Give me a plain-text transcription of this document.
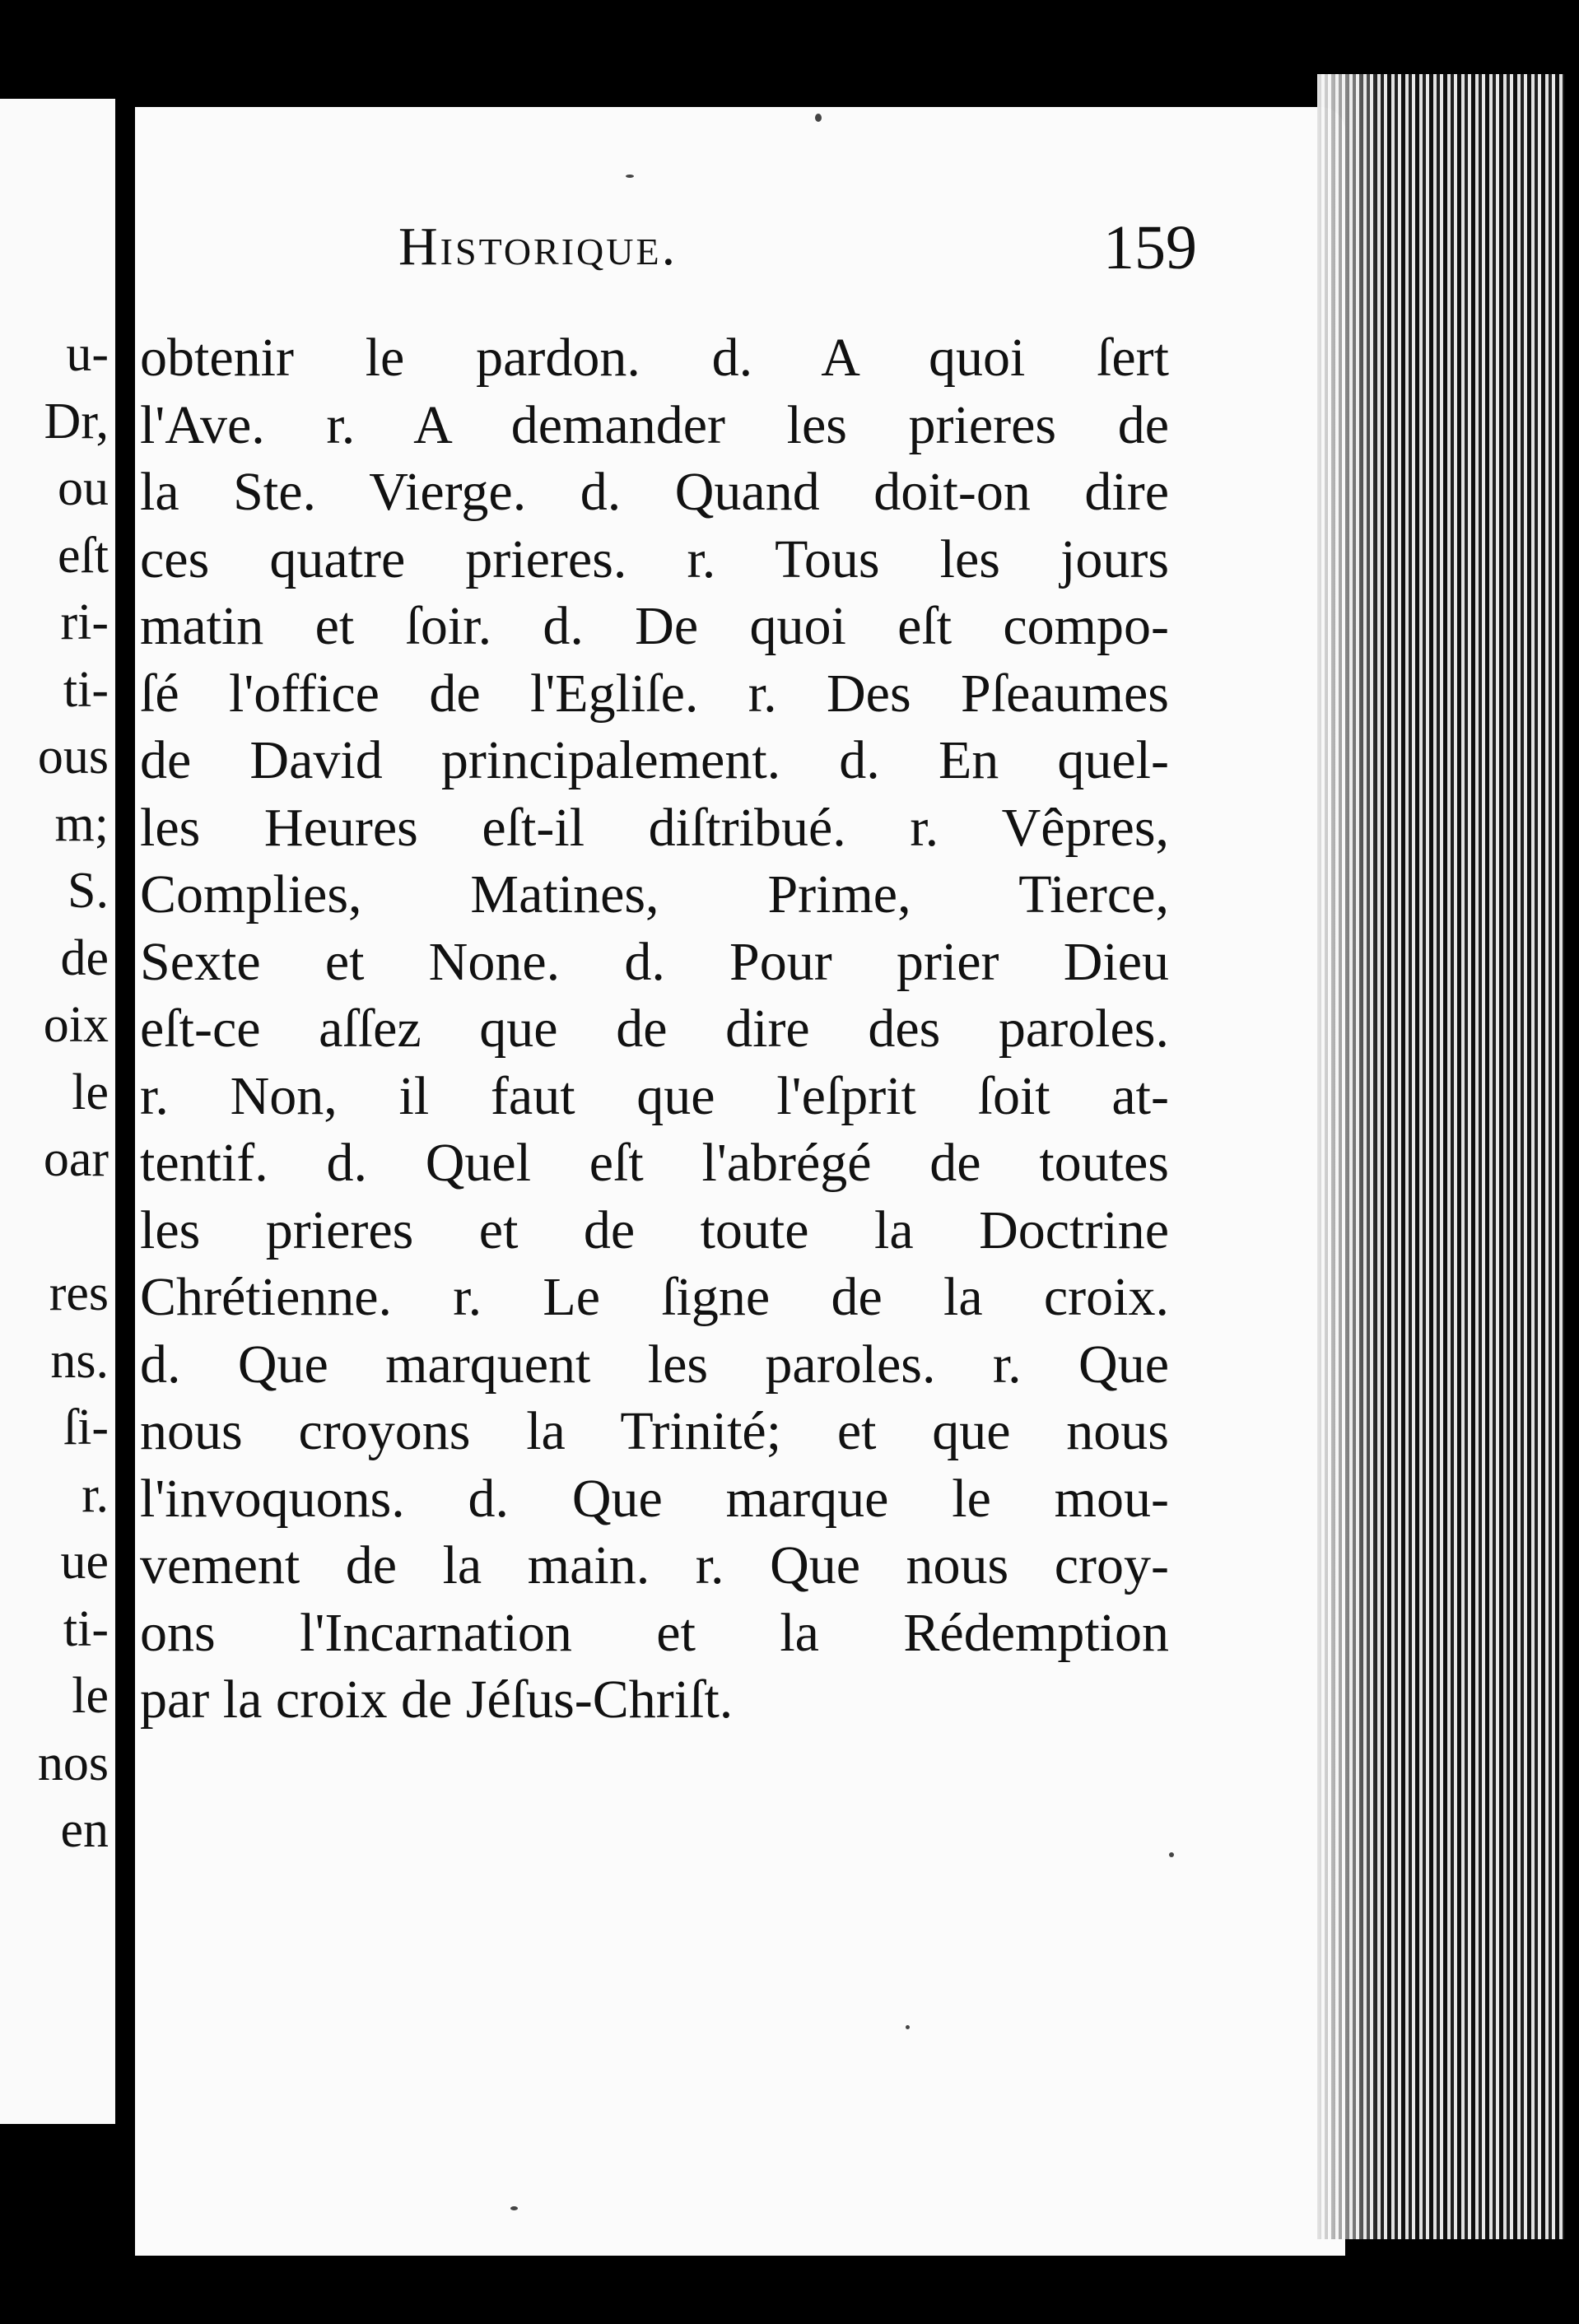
u-
Dr,
ou
eſt
ri-
ti-
ous
m;
S.
de
oix
le
oar
res
ns.
ſi-
r.
ue
ti-
le
nos
en
Historique.	159
obtenir le pardon. d. A quoi ſert
l'Ave. r. A demander les prieres de
la Ste. Vierge. d. Quand doit-on dire
ces quatre prieres. r. Tous les jours
matin et ſoir. d. De quoi eſt compo-
ſé l'office de l'Egliſe. r. Des Pſeaumes
de David principalement. d. En quel-
les Heures eſt-il diſtribué. r. Vêpres,
Complies, Matines, Prime, Tierce,
Sexte et None. d. Pour prier Dieu
eſt-ce aſſez que de dire des paroles.
r. Non, il faut que l'eſprit ſoit at-
tentif. d. Quel eſt l'abrégé de toutes
les prieres et de toute la Doctrine
Chrétienne. r. Le ſigne de la croix.
d. Que marquent les paroles. r. Que
nous croyons la Trinité; et que nous
l'invoquons. d. Que marque le mou-
vement de la main. r. Que nous croy-
ons l'Incarnation et la Rédemption
par la croix de Jéſus-Chriſt.
